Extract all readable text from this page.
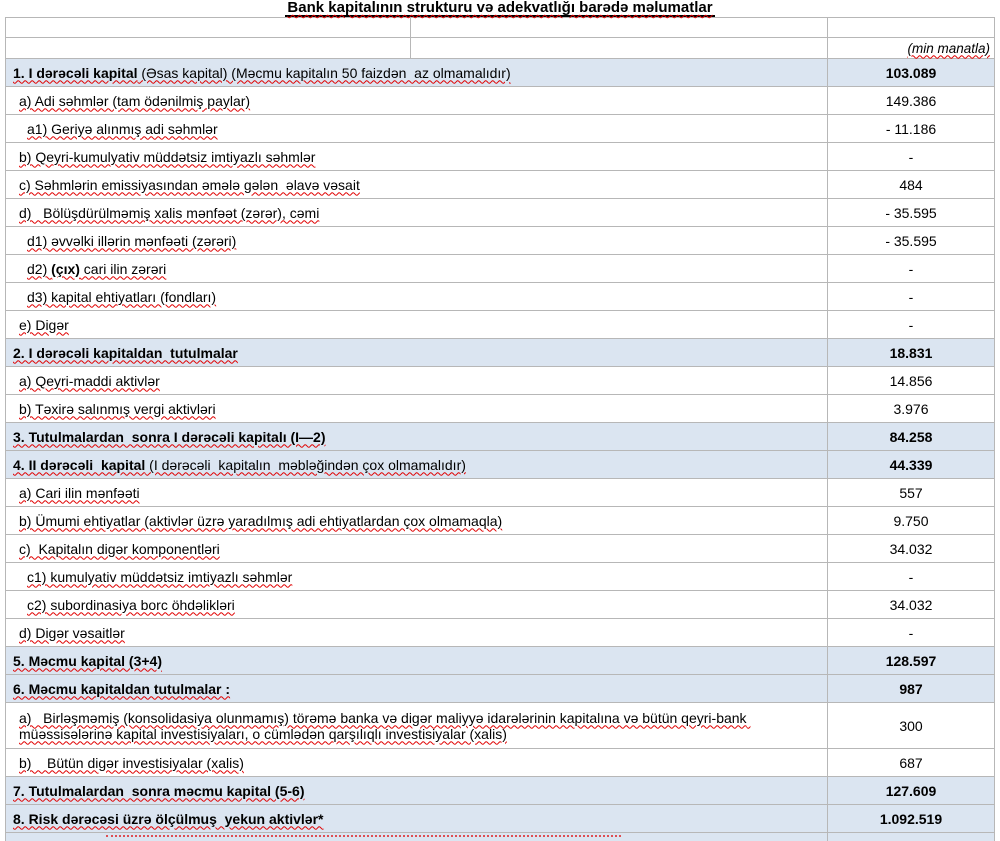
Bank kapitalının strukturu və adekvatlığı barədə məlumatlar
(min manatla)
1. I dərəcəli kapital (Əsas kapital) (Məcmu kapitalın 50 faizdən  az olmamalıdır)	103.089
a) Adi səhmlər (tam ödənilmiş paylar)	149.386
a1) Geriyə alınmış adi səhmlər	- 11.186
b) Qeyri-kumulyativ müddətsiz imtiyazlı səhmlər	-
c) Səhmlərin emissiyasından əmələ gələn  əlavə vəsait	484
d)   Bölüşdürülməmiş xalis mənfəət (zərər), cəmi	- 35.595
d1) əvvəlki illərin mənfəəti (zərəri)	- 35.595
d2) (çıx) cari ilin zərəri	-
d3) kapital ehtiyatları (fondları)	-
e) Digər	-
2. I dərəcəli kapitaldan  tutulmalar	18.831
a) Qeyri-maddi aktivlər	14.856
b) Təxirə salınmış vergi aktivləri	3.976
3. Tutulmalardan  sonra I dərəcəli kapitalı (I—2)	84.258
4. II dərəcəli  kapital (I dərəcəli  kapitalın  məbləğindən çox olmamalıdır)	44.339
a) Cari ilin mənfəəti	557
b) Ümumi ehtiyatlar (aktivlər üzrə yaradılmış adi ehtiyatlardan çox olmamaqla)	9.750
c)  Kapitalın digər komponentləri	34.032
c1) kumulyativ müddətsiz imtiyazlı səhmlər	-
c2) subordinasiya borc öhdəlikləri	34.032
d) Digər vəsaitlər	-
5. Məcmu kapital (3+4)	128.597
6. Məcmu kapitaldan tutulmalar :	987
a)   Birləşməmiş (konsolidasiya olunmamış) törəmə banka və digər maliyyə idarələrinin kapitalına və bütün qeyri-bank müəssisələrinə kapital investisiyaları, o cümlədən qarşılıqlı investisiyalar (xalis)	300
b)    Bütün digər investisiyalar (xalis)	687
7. Tutulmalardan  sonra məcmu kapital (5-6)	127.609
8. Risk dərəcəsi üzrə ölçülmuş  yekun aktivlər*	1.092.519
